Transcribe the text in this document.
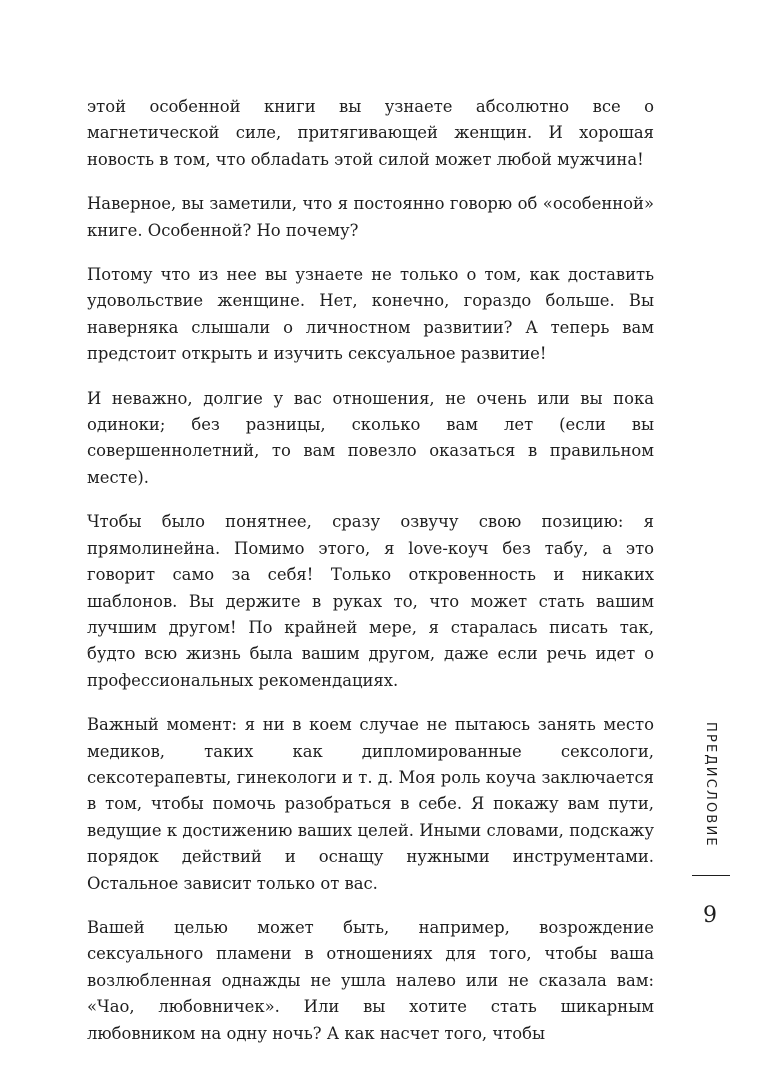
этой особенной книги вы узнаете абсолютно все о магнетической силе, притягивающей женщин. И хорошая новость в том, что облаdать этой силой может любой мужчина!

Наверное, вы заметили, что я постоянно говорю об «особенной» книге. Особенной? Но почему?

Потому что из нее вы узнаете не только о том, как доставить удовольствие женщине. Нет, конечно, гораздо больше. Вы наверняка слышали о личностном развитии? А теперь вам предстоит открыть и изучить сексуальное развитие!

И неважно, долгие у вас отношения, не очень или вы пока одиноки; без разницы, сколько вам лет (если вы совершеннолетний, то вам повезло оказаться в правильном месте).

Чтобы было понятнее, сразу озвучу свою позицию: я прямолинейна. Помимо этого, я love-коуч без табу, а это говорит само за себя! Только откровенность и никаких шаблонов. Вы держите в руках то, что может стать вашим лучшим другом! По крайней мере, я старалась писать так, будто всю жизнь была вашим другом, даже если речь идет о профессиональных рекомендациях.

Важный момент: я ни в коем случае не пытаюсь занять место медиков, таких как дипломированные сексологи, сексотерапевты, гинекологи и т. д. Моя роль коуча заключается в том, чтобы помочь разобраться в себе. Я покажу вам пути, ведущие к достижению ваших целей. Иными словами, подскажу порядок действий и оснащу нужными инструментами. Остальное зависит только от вас.

Вашей целью может быть, например, возрождение сексуального пламени в отношениях для того, чтобы ваша возлюбленная однажды не ушла налево или не сказала вам: «Чао, любовничек». Или вы хотите стать шикарным любовником на одну ночь? А как насчет того, чтобы

ПРЕДИСЛОВИЕ
9
